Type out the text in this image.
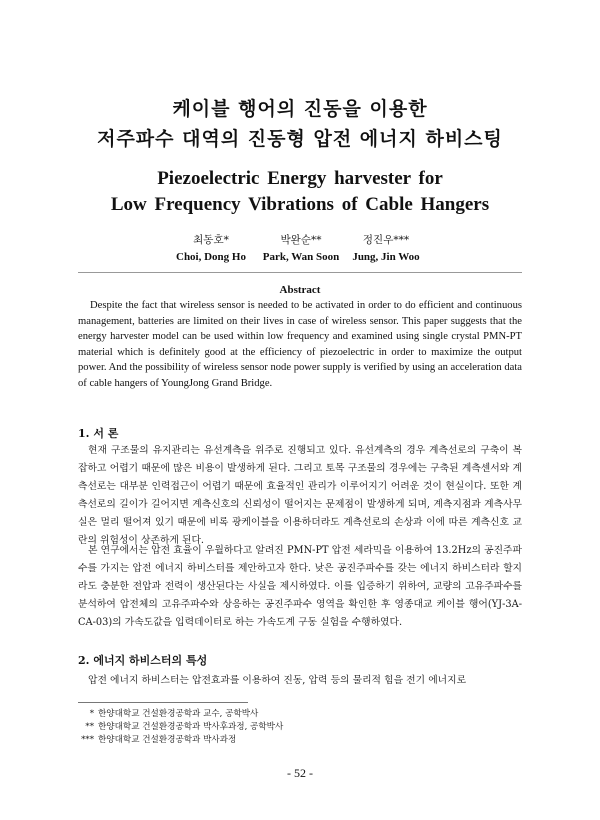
케이블 행어의 진동을 이용한
저주파수 대역의 진동형 압전 에너지 하비스팅
Piezoelectric Energy harvester for
Low Frequency Vibrations of Cable Hangers
최동호*
Choi, Dong Ho
박완순**
Park, Wan Soon
정진우***
Jung, Jin Woo
Abstract

Despite the fact that wireless sensor is needed to be activated in order to do efficient and continuous management, batteries are limited on their lives in case of wireless sensor. This paper suggests that the energy harvester model can be used within low frequency and examined using single crystal PMN-PT material which is definitely good at the efficiency of piezoelectric in order to maximize the output power. And the possibility of wireless sensor node power supply is verified by using an acceleration data of cable hangers of YoungJong Grand Bridge.

1. 서 론

현재 구조물의 유지관리는 유선계측을 위주로 진행되고 있다. 유선계측의 경우 계측선로의 구축이 복잡하고 어렵기 때문에 많은 비용이 발생하게 된다. 그리고 토목 구조물의 경우에는 구축된 계측센서와 계측선로는 대부분 인력접근이 어렵기 때문에 효율적인 관리가 이루어지기 어려운 것이 현실이다. 또한 계측선로의 길이가 길어지면 계측신호의 신뢰성이 떨어지는 문제점이 발생하게 되며, 계측지점과 계측사무실은 멀리 떨어져 있기 때문에 비록 광케이블을 이용하더라도 계측선로의 손상과 이에 따른 계측신호 교란의 위험성이 상존하게 된다.

본 연구에서는 압전 효율이 우월하다고 알려진 PMN-PT 압전 세라믹을 이용하여 13.2Hz의 공진주파수를 가지는 압전 에너지 하비스터를 제안하고자 한다. 낮은 공진주파수를 갖는 에너지 하비스터라 할지라도 충분한 전압과 전력이 생산된다는 사실을 제시하였다. 이를 입증하기 위하여, 교량의 고유주파수를 분석하여 압전체의 고유주파수와 상응하는 공진주파수 영역을 확인한 후 영종대교 케이블 행어(YJ-3A-CA-03)의 가속도값을 입력데이터로 하는 가속도계 구동 실험을 수행하였다.

2. 에너지 하비스터의 특성

압전 에너지 하비스터는 압전효과를 이용하여 진동, 압력 등의 물리적 힘을 전기 에너지로

* 한양대학교 건설환경공학과 교수, 공학박사
** 한양대학교 건설환경공학과 박사후과정, 공학박사
*** 한양대학교 건설환경공학과 박사과정
- 52 -
